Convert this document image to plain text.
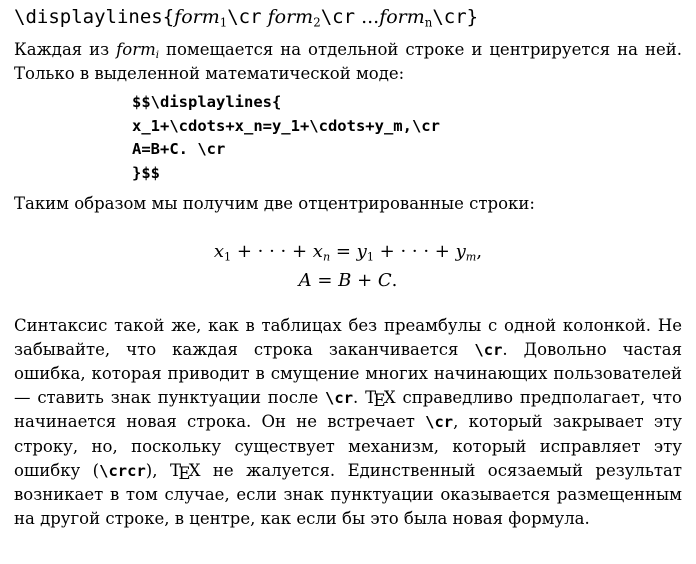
\displaylines{form$_1$\cr form$_2$\cr ...form$_n$\cr}
Каждая из form$_i$ помещается на отдельной строке и центрируется на ней. Только в выделенной математической моде:
$$\displaylines{
x_1+\cdots+x_n=y_1+\cdots+y_m,\cr
A=B+C. \cr
}$$
Таким образом мы получим две отцентрированные строки:
$x_1$ + · · · + $x_n = y_1$ + · · · + $y_m$,
A = B + C.
Синтаксис такой же, как в таблицах без преамбулы с одной колонкой. Не забывайте, что каждая строка заканчивается \cr. Довольно частая ошибка, которая приводит в смущение многих начинающих пользователей — ставить знак пунктуации после \cr. TEX справедливо предполагает, что начинается новая строка. Он не встречает \cr, который закрывает эту строку, но, поскольку существует механизм, который исправляет эту ошибку (\crcr), TEX не жалуется. Единственный осязаемый результат возникает в том случае, если знак пунктуации оказывается размещенным на другой строке, в центре, как если бы это была новая формула.
